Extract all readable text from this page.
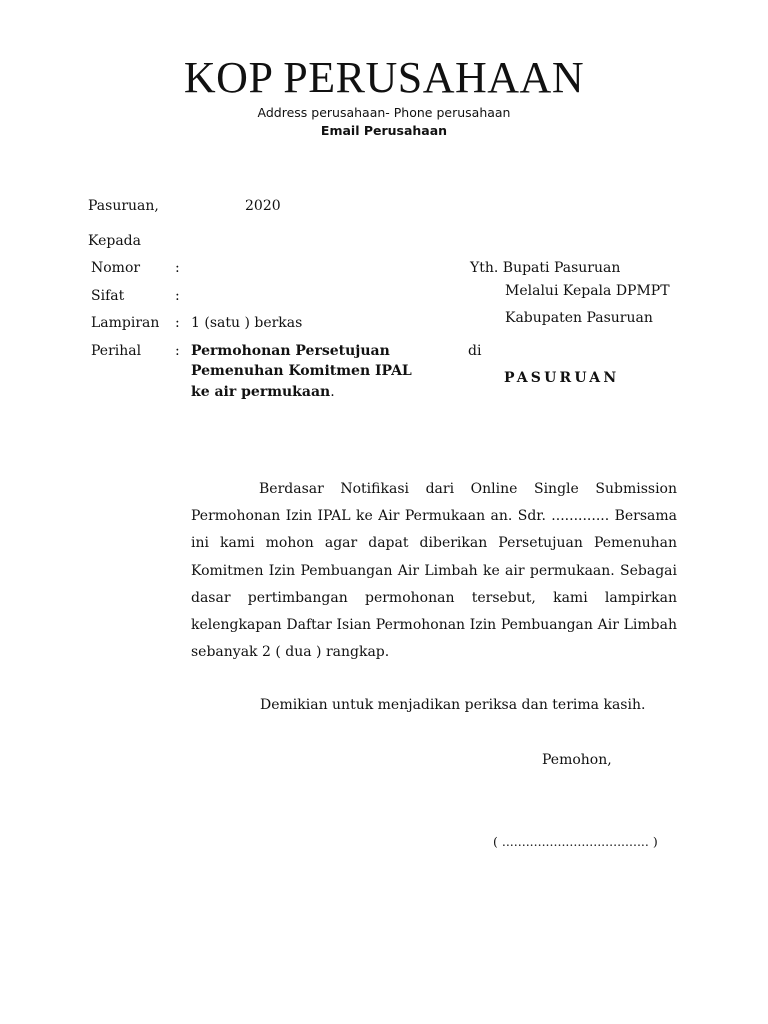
KOP PERUSAHAAN
Address perusahaan- Phone perusahaan
Email Perusahaan
Pasuruan,	2020
Kepada
Nomor :
Sifat	:
Lampiran : 1 (satu ) berkas
Perihal : Permohonan Persetujuan
Pemenuhan Komitmen IPAL
ke air permukaan.
Yth. Bupati Pasuruan
Melalui Kepala DPMPT
Kabupaten Pasuruan
di
PASURUAN

Berdasar Notifikasi dari Online Single Submission Permohonan Izin IPAL ke Air Permukaan an. Sdr. ............. Bersama ini kami mohon agar dapat diberikan Persetujuan Pemenuhan Komitmen Izin Pembuangan Air Limbah ke air permukaan. Sebagai dasar pertimbangan permohonan tersebut, kami lampirkan kelengkapan Daftar Isian Permohonan Izin Pembuangan Air Limbah sebanyak 2 ( dua ) rangkap.

Demikian untuk menjadikan periksa dan terima kasih.
Pemohon,
( ..................................... )
